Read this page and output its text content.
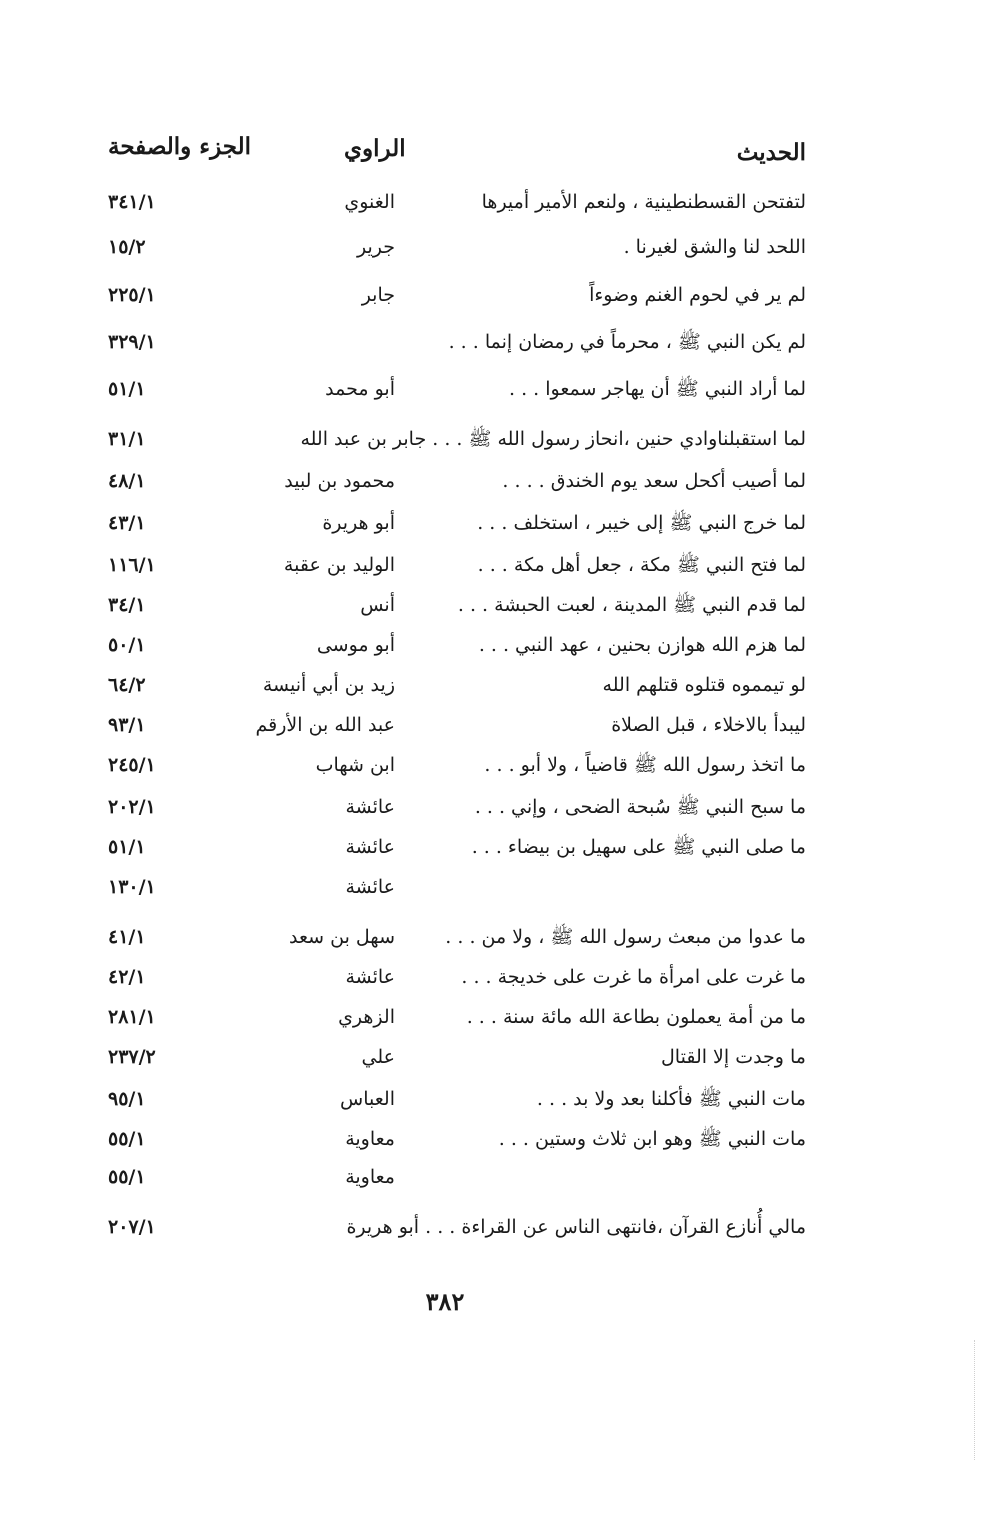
الحديث
الراوي
الجزء والصفحة
لتفتحن القسطنطينية ، ولنعم الأمير أميرها
الغنوي
٣٤١/١
اللحد لنا والشق لغيرنا .
جرير
١٥/٢
لم ير في لحوم الغنم وضوءاً
جابر
٢٢٥/١
لم يكن النبي ﷺ ، محرماً في رمضان إنما . . .
٣٢٩/١
لما أراد النبي ﷺ أن يهاجر سمعوا . . .
أبو محمد
٥١/١
لما استقبلناوادي حنين ،انحاز رسول الله ﷺ . . . جابر بن عبد الله
٣١/١
لما أصيب أكحل سعد يوم الخندق . . . .
محمود بن لبيد
٤٨/١
لما خرج النبي ﷺ إلى خيبر ، استخلف . . .
أبو هريرة
٤٣/١
لما فتح النبي ﷺ مكة ، جعل أهل مكة . . .
الوليد بن عقبة
١١٦/١
لما قدم النبي ﷺ المدينة ، لعبت الحبشة . . .
أنس
٣٤/١
لما هزم الله هوازن بحنين ، عهد النبي . . .
أبو موسى
٥٠/١
لو تيمموه قتلوه قتلهم الله
زيد بن أبي أنيسة
٦٤/٢
ليبدأ بالاخلاء ، قبل الصلاة
عبد الله بن الأرقم
٩٣/١
ما اتخذ رسول الله ﷺ قاضياً ، ولا أبو . . .
ابن شهاب
٢٤٥/١
ما سبح النبي ﷺ سُبحة الضحى ، وإني . . .
عائشة
٢٠٢/١
ما صلى النبي ﷺ على سهيل بن بيضاء . . .
عائشة
٥١/١
عائشة
١٣٠/١
ما عدوا من مبعث رسول الله ﷺ ، ولا من . . .
سهل بن سعد
٤١/١
ما غرت على امرأة ما غرت على خديجة . . .
عائشة
٤٢/١
ما من أمة يعملون بطاعة الله مائة سنة . . .
الزهري
٢٨١/١
ما وجدت إلا القتال
علي
٢٣٧/٢
مات النبي ﷺ فأكلنا بعد ولا بد . . .
العباس
٩٥/١
مات النبي ﷺ وهو ابن ثلاث وستين . . .
معاوية
٥٥/١
معاوية
٥٥/١
مالي أُنازع القرآن ،فانتهى الناس عن القراءة . . . أبو هريرة
٢٠٧/١
٣٨٢
